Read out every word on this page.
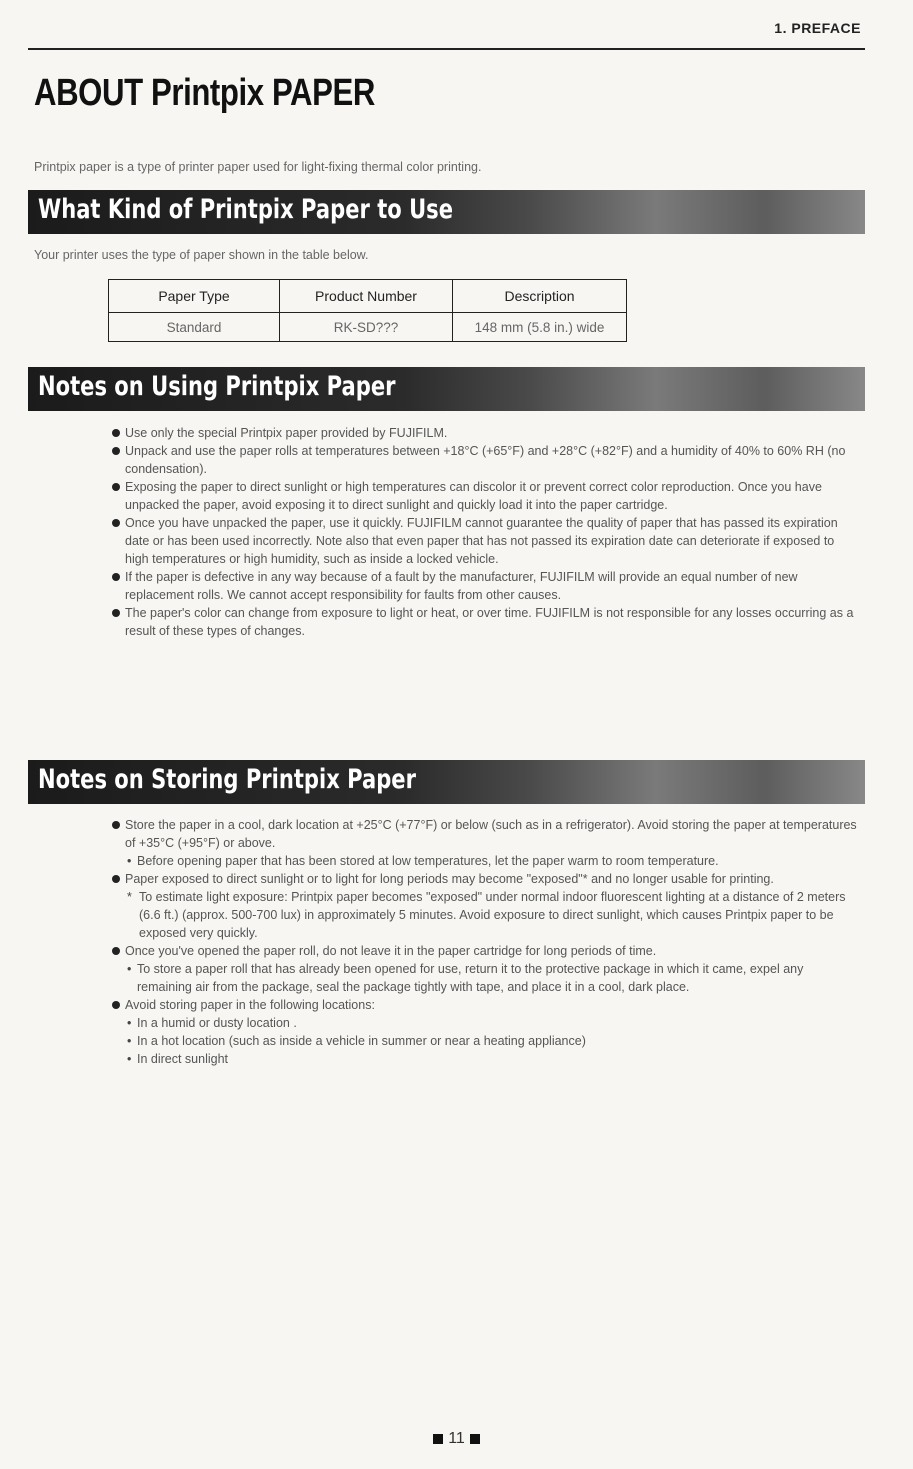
1. PREFACE
ABOUT Printpix PAPER

Printpix paper is a type of printer paper used for light-fixing thermal color printing.

What Kind of Printpix Paper to Use

Your printer uses the type of paper shown in the table below.

Paper Type	Product Number	Description
Standard	RK-SD???	148 mm (5.8 in.) wide
Notes on Using Printpix Paper
Use only the special Printpix paper provided by FUJIFILM.
Unpack and use the paper rolls at temperatures between +18°C (+65°F) and +28°C (+82°F) and a humidity of 40% to 60% RH (no condensation).
Exposing the paper to direct sunlight or high temperatures can discolor it or prevent correct color reproduction. Once you have unpacked the paper, avoid exposing it to direct sunlight and quickly load it into the paper cartridge.
Once you have unpacked the paper, use it quickly. FUJIFILM cannot guarantee the quality of paper that has passed its expiration date or has been used incorrectly. Note also that even paper that has not passed its expiration date can deteriorate if exposed to high temperatures or high humidity, such as inside a locked vehicle.
If the paper is defective in any way because of a fault by the manufacturer, FUJIFILM will provide an equal number of new replacement rolls. We cannot accept responsibility for faults from other causes.
The paper's color can change from exposure to light or heat, or over time. FUJIFILM is not responsible for any losses occurring as a result of these types of changes.
Notes on Storing Printpix Paper
Store the paper in a cool, dark location at +25°C (+77°F) or below (such as in a refrigerator). Avoid storing the paper at temperatures of +35°C (+95°F) or above.
• Before opening paper that has been stored at low temperatures, let the paper warm to room temperature.
Paper exposed to direct sunlight or to light for long periods may become "exposed"* and no longer usable for printing.
* To estimate light exposure: Printpix paper becomes "exposed" under normal indoor fluorescent lighting at a distance of 2 meters (6.6 ft.) (approx. 500-700 lux) in approximately 5 minutes. Avoid exposure to direct sunlight, which causes Printpix paper to be exposed very quickly.
Once you've opened the paper roll, do not leave it in the paper cartridge for long periods of time.
• To store a paper roll that has already been opened for use, return it to the protective package in which it came, expel any remaining air from the package, seal the package tightly with tape, and place it in a cool, dark place.
Avoid storing paper in the following locations:
• In a humid or dusty location .
• In a hot location (such as inside a vehicle in summer or near a heating appliance)
• In direct sunlight
11
